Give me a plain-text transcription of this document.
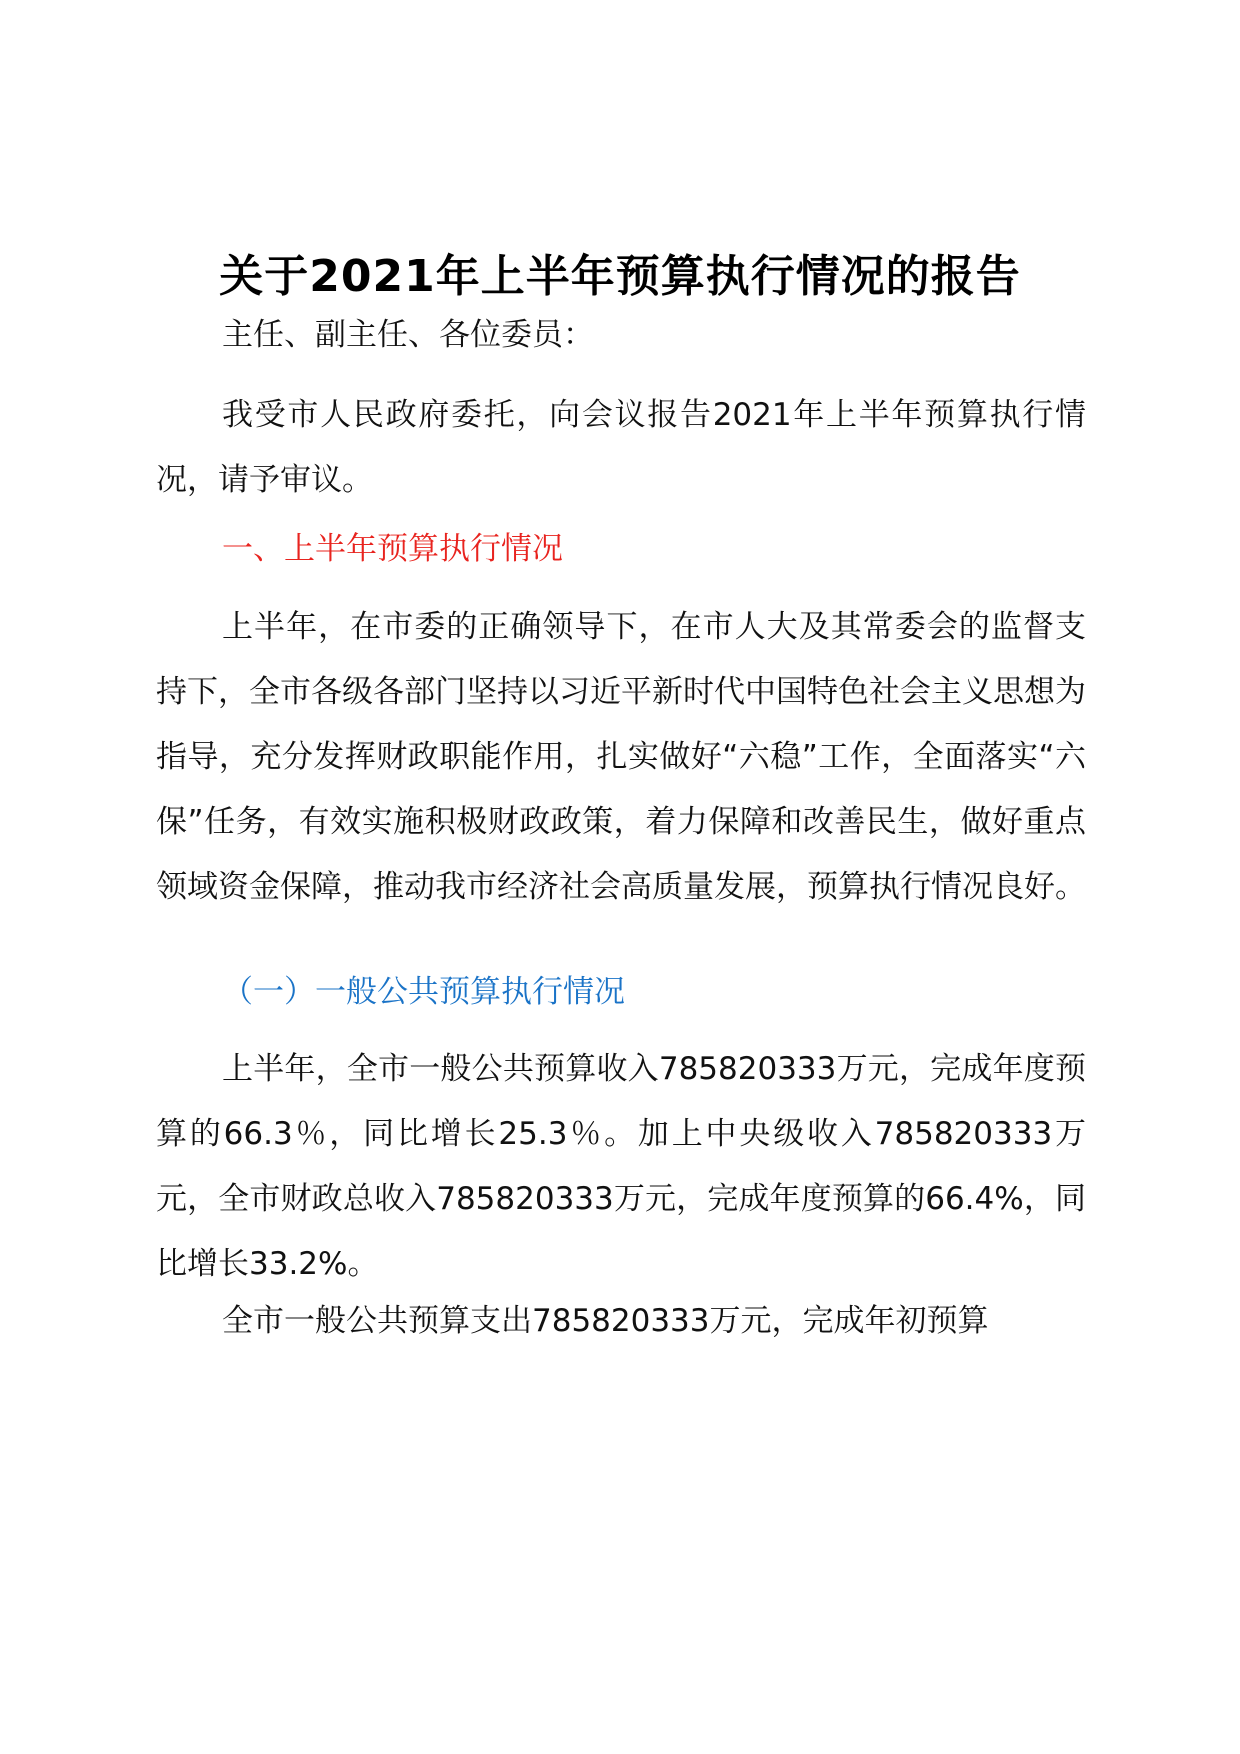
关于2021年上半年预算执行情况的报告
主任、副主任、各位委员：

我受市人民政府委托，向会议报告2021年上半年预算执行情况，请予审议。

一、上半年预算执行情况

上半年，在市委的正确领导下，在市人大及其常委会的监督支持下，全市各级各部门坚持以习近平新时代中国特色社会主义思想为指导，充分发挥财政职能作用，扎实做好“六稳”工作，全面落实“六保”任务，有效实施积极财政政策，着力保障和改善民生，做好重点领域资金保障，推动我市经济社会高质量发展，预算执行情况良好。

（一）一般公共预算执行情况

上半年，全市一般公共预算收入785820333万元，完成年度预算的66.3％，同比增长25.3％。加上中央级收入785820333万元，全市财政总收入785820333万元，完成年度预算的66.4%，同比增长33.2%。

全市一般公共预算支出785820333万元，完成年初预算
